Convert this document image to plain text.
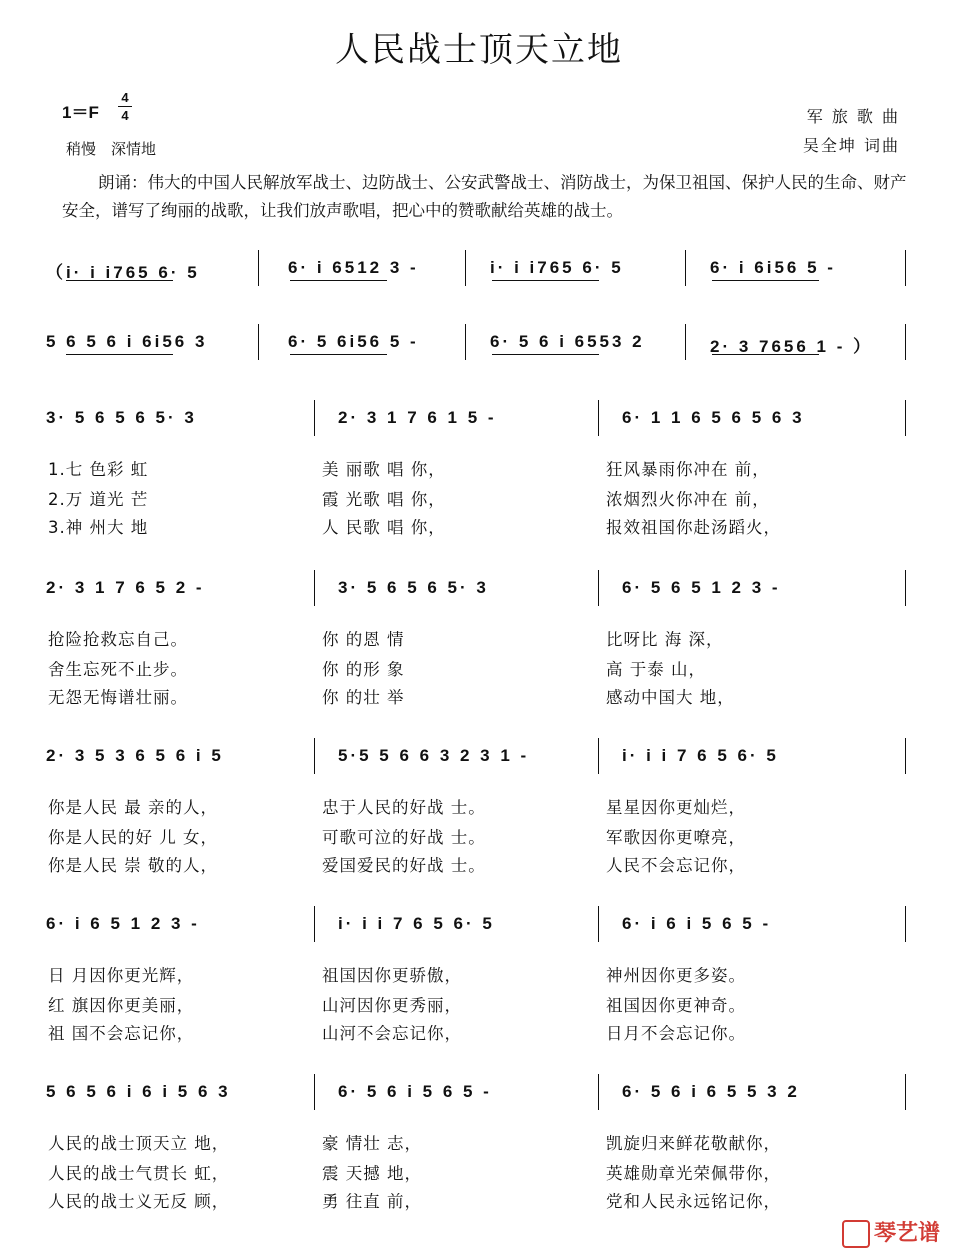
人民战士顶天立地
1＝F
4
4
稍慢　深情地
军 旅 歌 曲
吴全坤 词曲
朗诵：伟大的中国人民解放军战士、边防战士、公安武警战士、消防战士，为保卫祖国、保护人民的生命、财产安全，谱写了绚丽的战歌，让我们放声歌唱，把心中的赞歌献给英雄的战士。
（i· i i765 6· 5	6· i 6512 3 -	i· i i765 6· 5	6· i 6i56 5 -
5 6 5 6 i 6i56 3	6· 5 6i56 5 -	6· 5 6 i 6553 2	2· 3 7656 1 - ）
3· 5 6 5 6 5· 3	2· 3 1 7 6 1 5 -	6· 1 1 6 5 6 5 6 3
1.七 色彩 虹	美 丽歌 唱 你，	狂风暴雨你冲在 前，
2.万 道光 芒	霞 光歌 唱 你，	浓烟烈火你冲在 前，
3.神 州大 地	人 民歌 唱 你，	报效祖国你赴汤蹈火，
2· 3 1 7 6 5 2 -	3· 5 6 5 6 5· 3	6· 5 6 5 1 2 3 -
抢险抢救忘自己。	你 的恩 情	比呀比 海 深，
舍生忘死不止步。	你 的形 象	高 于泰 山，
无怨无悔谱壮丽。	你 的壮 举	感动中国大 地，
2· 3 5 3 6 5 6 i 5	5·5 5 6 6 3 2 3 1 -	i· i i 7 6 5 6· 5
你是人民 最 亲的人，	忠于人民的好战 士。	星星因你更灿烂，
你是人民的好 儿 女，	可歌可泣的好战 士。	军歌因你更嘹亮，
你是人民 崇 敬的人，	爱国爱民的好战 士。	人民不会忘记你，
6· i 6 5 1 2 3 -	i· i i 7 6 5 6· 5	6· i 6 i 5 6 5 -
日 月因你更光辉，	祖国因你更骄傲，	神州因你更多姿。
红 旗因你更美丽，	山河因你更秀丽，	祖国因你更神奇。
祖 国不会忘记你，	山河不会忘记你，	日月不会忘记你。
5 6 5 6 i 6 i 5 6 3	6· 5 6 i 5 6 5 -	6· 5 6 i 6 5 5 3 2
人民的战士顶天立 地，	豪 情壮 志，	凯旋归来鲜花敬献你，
人民的战士气贯长 虹，	震 天撼 地，	英雄勋章光荣佩带你，
人民的战士义无反 顾，	勇 往直 前，	党和人民永远铭记你，
琴艺谱
